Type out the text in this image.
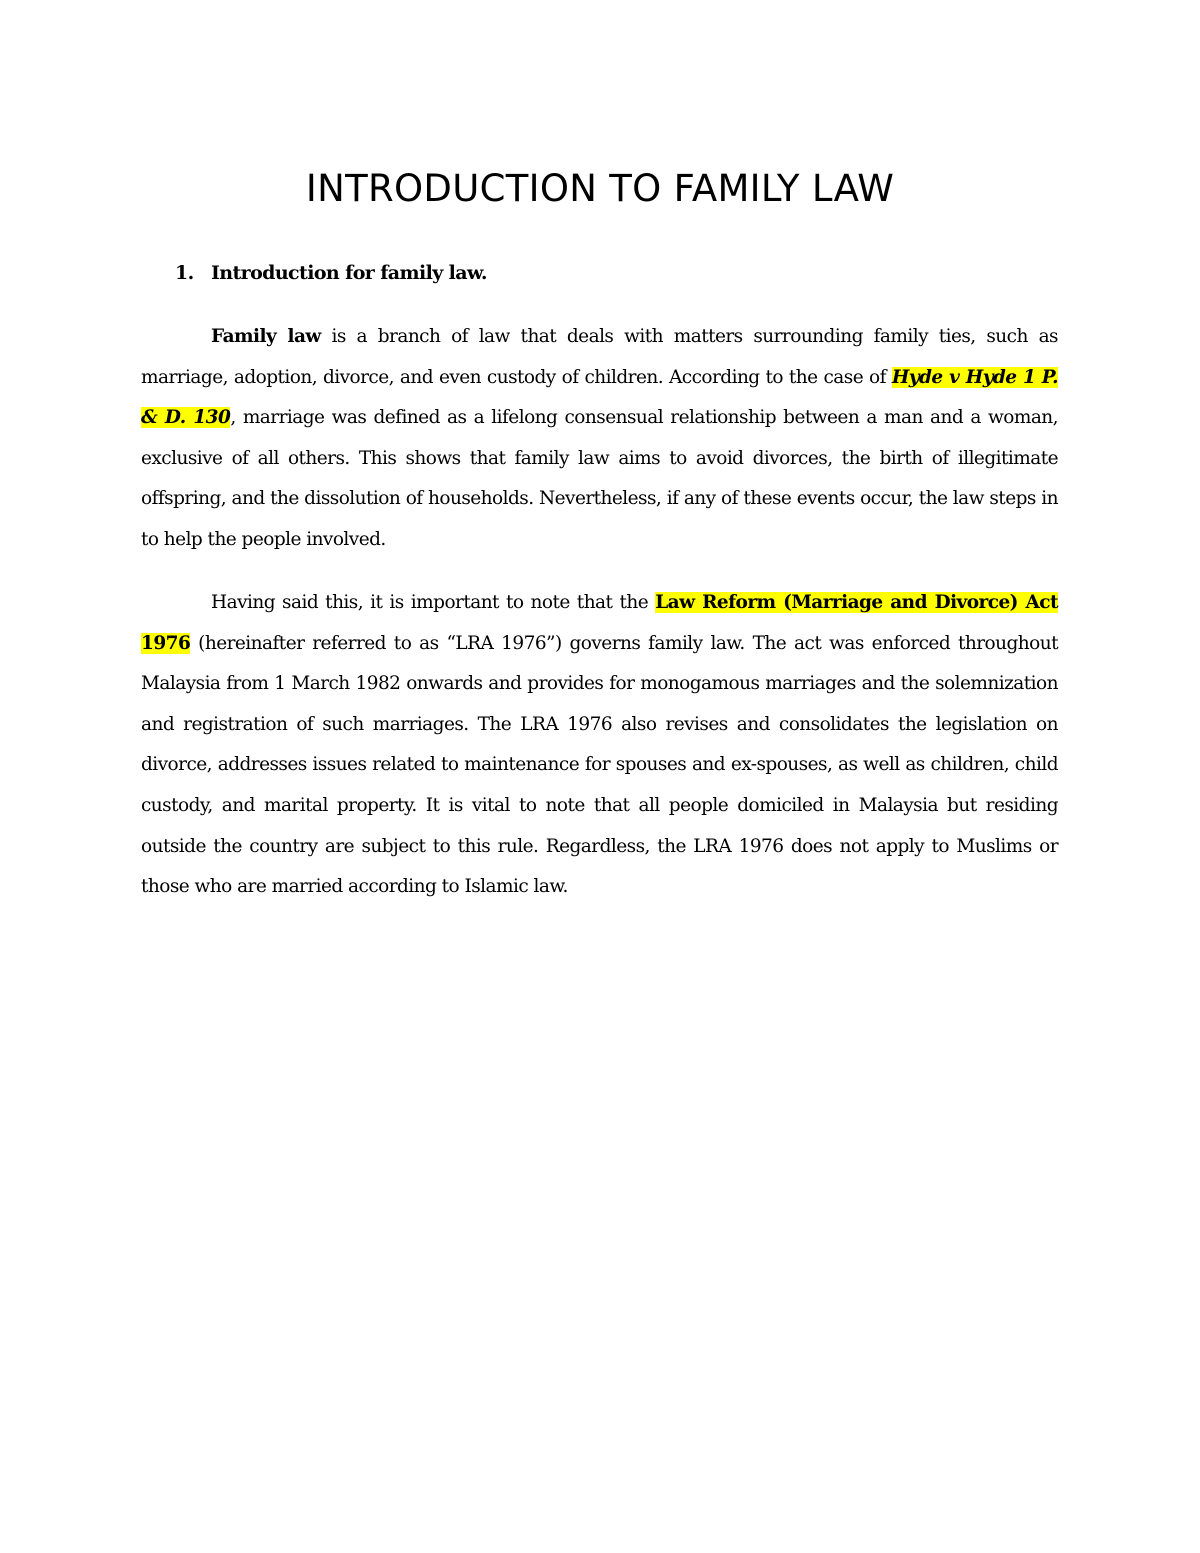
INTRODUCTION TO FAMILY LAW
1. Introduction for family law.

Family law is a branch of law that deals with matters surrounding family ties, such as marriage, adoption, divorce, and even custody of children. According to the case of Hyde v Hyde 1 P. & D. 130, marriage was defined as a lifelong consensual relationship between a man and a woman, exclusive of all others. This shows that family law aims to avoid divorces, the birth of illegitimate offspring, and the dissolution of households. Nevertheless, if any of these events occur, the law steps in to help the people involved.

Having said this, it is important to note that the Law Reform (Marriage and Divorce) Act 1976 (hereinafter referred to as “LRA 1976”) governs family law. The act was enforced throughout Malaysia from 1 March 1982 onwards and provides for monogamous marriages and the solemnization and registration of such marriages. The LRA 1976 also revises and consolidates the legislation on divorce, addresses issues related to maintenance for spouses and ex-spouses, as well as children, child custody, and marital property. It is vital to note that all people domiciled in Malaysia but residing outside the country are subject to this rule. Regardless, the LRA 1976 does not apply to Muslims or those who are married according to Islamic law.
